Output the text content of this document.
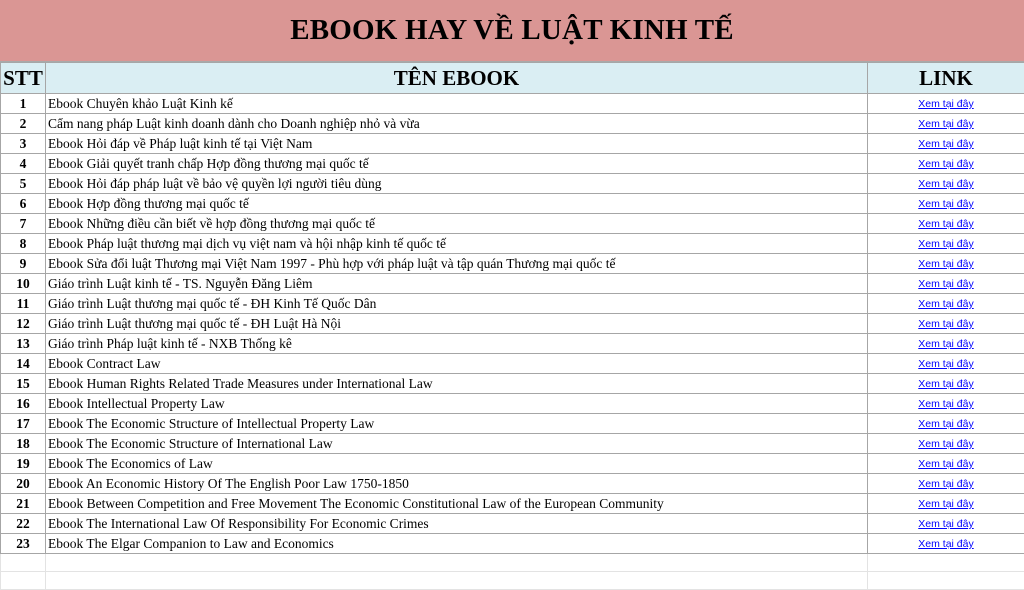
EBOOK HAY VỀ LUẬT KINH TẾ
STT	TÊN EBOOK	LINK
1	Ebook Chuyên khảo Luật Kinh kế	Xem tại đây
2	Cẩm nang pháp Luật kinh doanh dành cho Doanh nghiệp nhỏ và vừa	Xem tại đây
3	Ebook Hỏi đáp về Pháp luật kinh tế tại Việt Nam	Xem tại đây
4	Ebook Giải quyết tranh chấp Hợp đồng thương mại quốc tế	Xem tại đây
5	Ebook Hỏi đáp pháp luật về bảo vệ quyền lợi người tiêu dùng	Xem tại đây
6	Ebook Hợp đồng thương mại quốc tế	Xem tại đây
7	Ebook Những điều cần biết về hợp đồng thương mại quốc tế	Xem tại đây
8	Ebook Pháp luật thương mại dịch vụ việt nam và hội nhập kinh tế quốc tế	Xem tại đây
9	Ebook Sửa đổi luật Thương mại Việt Nam 1997 - Phù hợp với pháp luật và tập quán Thương mại quốc tế	Xem tại đây
10	Giáo trình Luật kinh tế - TS. Nguyễn Đăng Liêm	Xem tại đây
11	Giáo trình Luật thương mại quốc tế - ĐH Kinh Tế Quốc Dân	Xem tại đây
12	Giáo trình Luật thương mại quốc tế - ĐH Luật Hà Nội	Xem tại đây
13	Giáo trình Pháp luật kinh tế - NXB Thống kê	Xem tại đây
14	Ebook Contract Law	Xem tại đây
15	Ebook Human Rights Related Trade Measures under International Law	Xem tại đây
16	Ebook Intellectual Property Law	Xem tại đây
17	Ebook The Economic Structure of Intellectual Property Law	Xem tại đây
18	Ebook The Economic Structure of International Law	Xem tại đây
19	Ebook The Economics of Law	Xem tại đây
20	Ebook An Economic History Of The English Poor Law 1750-1850	Xem tại đây
21	Ebook Between Competition and Free Movement The Economic Constitutional Law of the European Community	Xem tại đây
22	Ebook The International Law Of Responsibility For Economic Crimes	Xem tại đây
23	Ebook The Elgar Companion to Law and Economics	Xem tại đây
